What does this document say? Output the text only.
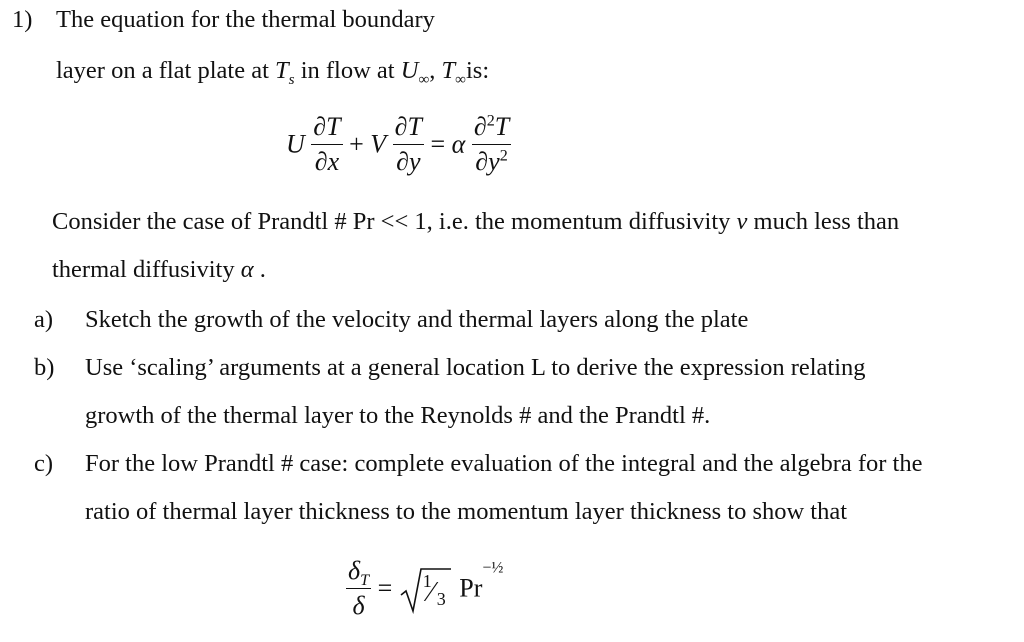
1) The equation for the thermal boundary
layer on a flat plate at $T_s$ in flow at $U_\infty$, $T_\infty is$:
U $\frac{\partial T}{\partial x} + V \frac{\partial T}{\partial y} = \alpha \frac{\partial^2T}{\partial y^2}$
Consider the case of Prandtl # Pr << 1, i.e. the momentum diffusivity ν much less than
thermal diffusivity α .
a) Sketch the growth of the velocity and thermal layers along the plate
b) Use ‘scaling’ arguments at a general location L to derive the expression relating
growth of the thermal layer to the Reynolds # and the Prandtl #.
c) For the low Prandtl # case: complete evaluation of the integral and the algebra for the
ratio of thermal layer thickness to the momentum layer thickness to show that
$\frac{\delta_T}{\delta} = 1$
⁄ 3 $Pr^{-\frac{1}{2}}$
